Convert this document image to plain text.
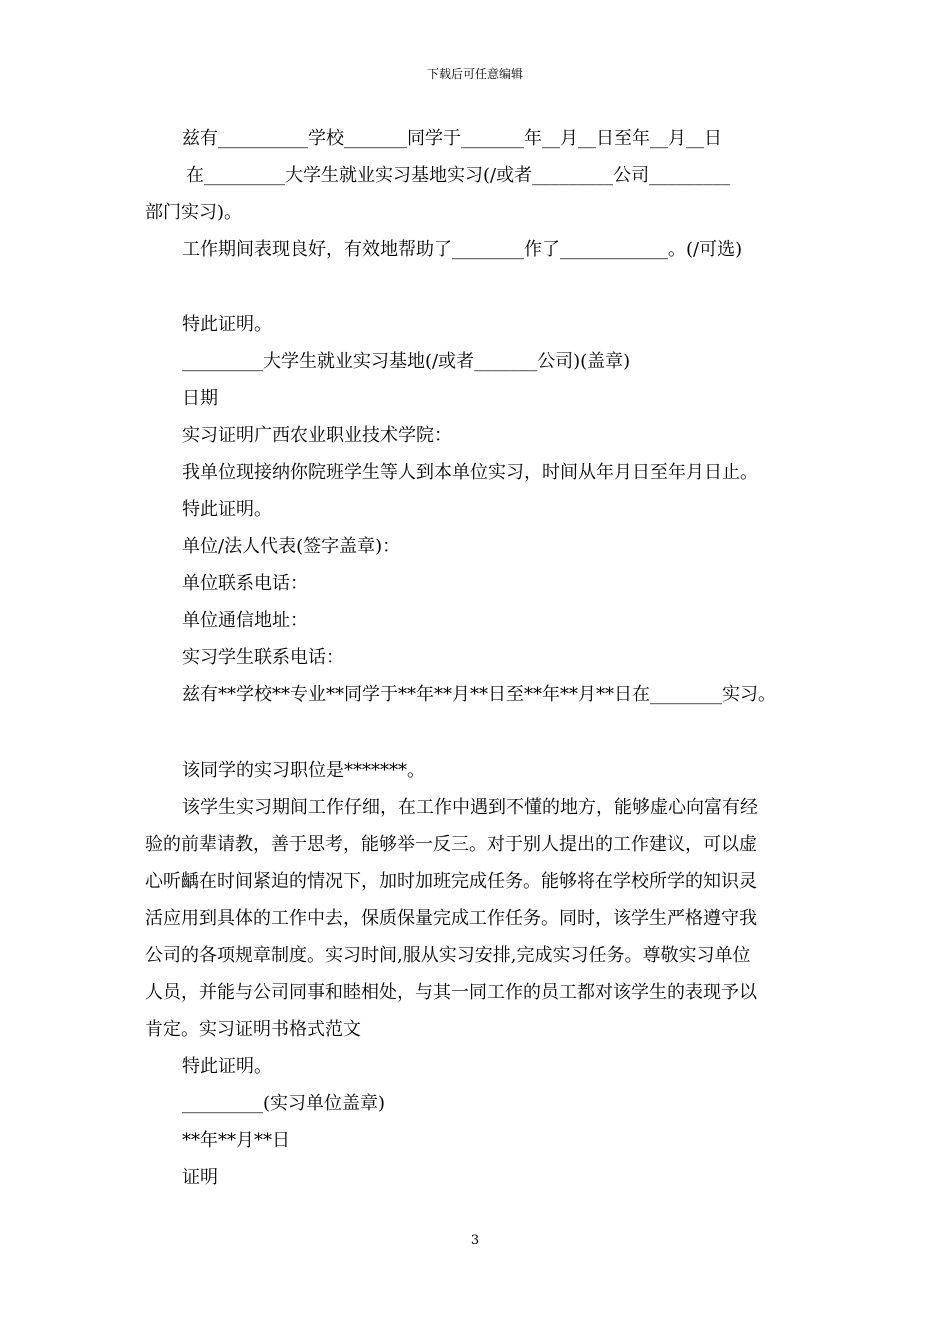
下载后可任意编辑
兹有__________学校_______同学于_______年__月__日至年__月__日
在_________大学生就业实习基地实习(/或者_________公司_________
部门实习)。
工作期间表现良好，有效地帮助了________作了____________。(/可选)
特此证明。
_________大学生就业实习基地(/或者_______公司)(盖章)
日期
实习证明广西农业职业技术学院：
我单位现接纳你院班学生等人到本单位实习，时间从年月日至年月日止。
特此证明。
单位/法人代表(签字盖章)：
单位联系电话：
单位通信地址：
实习学生联系电话：
兹有**学校**专业**同学于**年**月**日至**年**月**日在________实习。
该同学的实习职位是*******。
该学生实习期间工作仔细，在工作中遇到不懂的地方，能够虚心向富有经
验的前辈请教，善于思考，能够举一反三。对于别人提出的工作建议，可以虚
心听齲在时间紧迫的情况下，加时加班完成任务。能够将在学校所学的知识灵
活应用到具体的工作中去，保质保量完成工作任务。同时，该学生严格遵守我
公司的各项规章制度。实习时间,服从实习安排,完成实习任务。尊敬实习单位
人员，并能与公司同事和睦相处，与其一同工作的员工都对该学生的表现予以
肯定。实习证明书格式范文
特此证明。
_________(实习单位盖章)
**年**月**日
证明
3
